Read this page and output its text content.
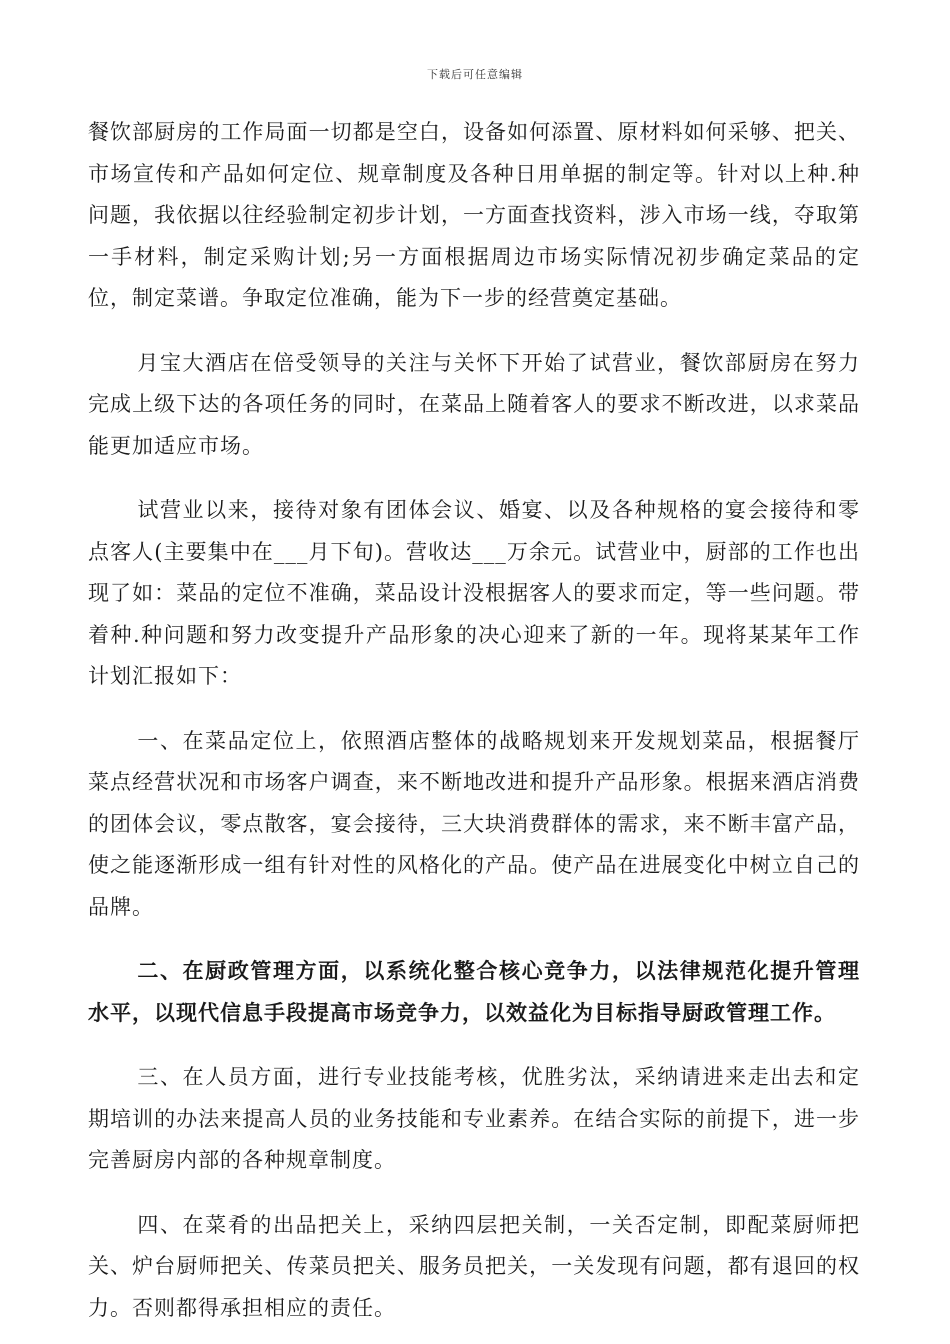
下载后可任意编辑

餐饮部厨房的工作局面一切都是空白，设备如何添置、原材料如何采够、把关、市场宣传和产品如何定位、规章制度及各种日用单据的制定等。针对以上种.种问题，我依据以往经验制定初步计划，一方面查找资料，涉入市场一线，夺取第一手材料，制定采购计划;另一方面根据周边市场实际情况初步确定菜品的定位，制定菜谱。争取定位准确，能为下一步的经营奠定基础。

月宝大酒店在倍受领导的关注与关怀下开始了试营业，餐饮部厨房在努力完成上级下达的各项任务的同时，在菜品上随着客人的要求不断改进，以求菜品能更加适应市场。

试营业以来，接待对象有团体会议、婚宴、以及各种规格的宴会接待和零点客人(主要集中在___月下旬)。营收达___万余元。试营业中，厨部的工作也出现了如：菜品的定位不准确，菜品设计没根据客人的要求而定，等一些问题。带着种.种问题和努力改变提升产品形象的决心迎来了新的一年。现将某某年工作计划汇报如下：

一、在菜品定位上，依照酒店整体的战略规划来开发规划菜品，根据餐厅菜点经营状况和市场客户调查，来不断地改进和提升产品形象。根据来酒店消费的团体会议，零点散客，宴会接待，三大块消费群体的需求，来不断丰富产品，使之能逐渐形成一组有针对性的风格化的产品。使产品在进展变化中树立自己的品牌。

二、在厨政管理方面，以系统化整合核心竞争力，以法律规范化提升管理水平，以现代信息手段提高市场竞争力，以效益化为目标指导厨政管理工作。

三、在人员方面，进行专业技能考核，优胜劣汰，采纳请进来走出去和定期培训的办法来提高人员的业务技能和专业素养。在结合实际的前提下，进一步完善厨房内部的各种规章制度。

四、在菜肴的出品把关上，采纳四层把关制，一关否定制，即配菜厨师把关、炉台厨师把关、传菜员把关、服务员把关，一关发现有问题，都有退回的权力。否则都得承担相应的责任。
